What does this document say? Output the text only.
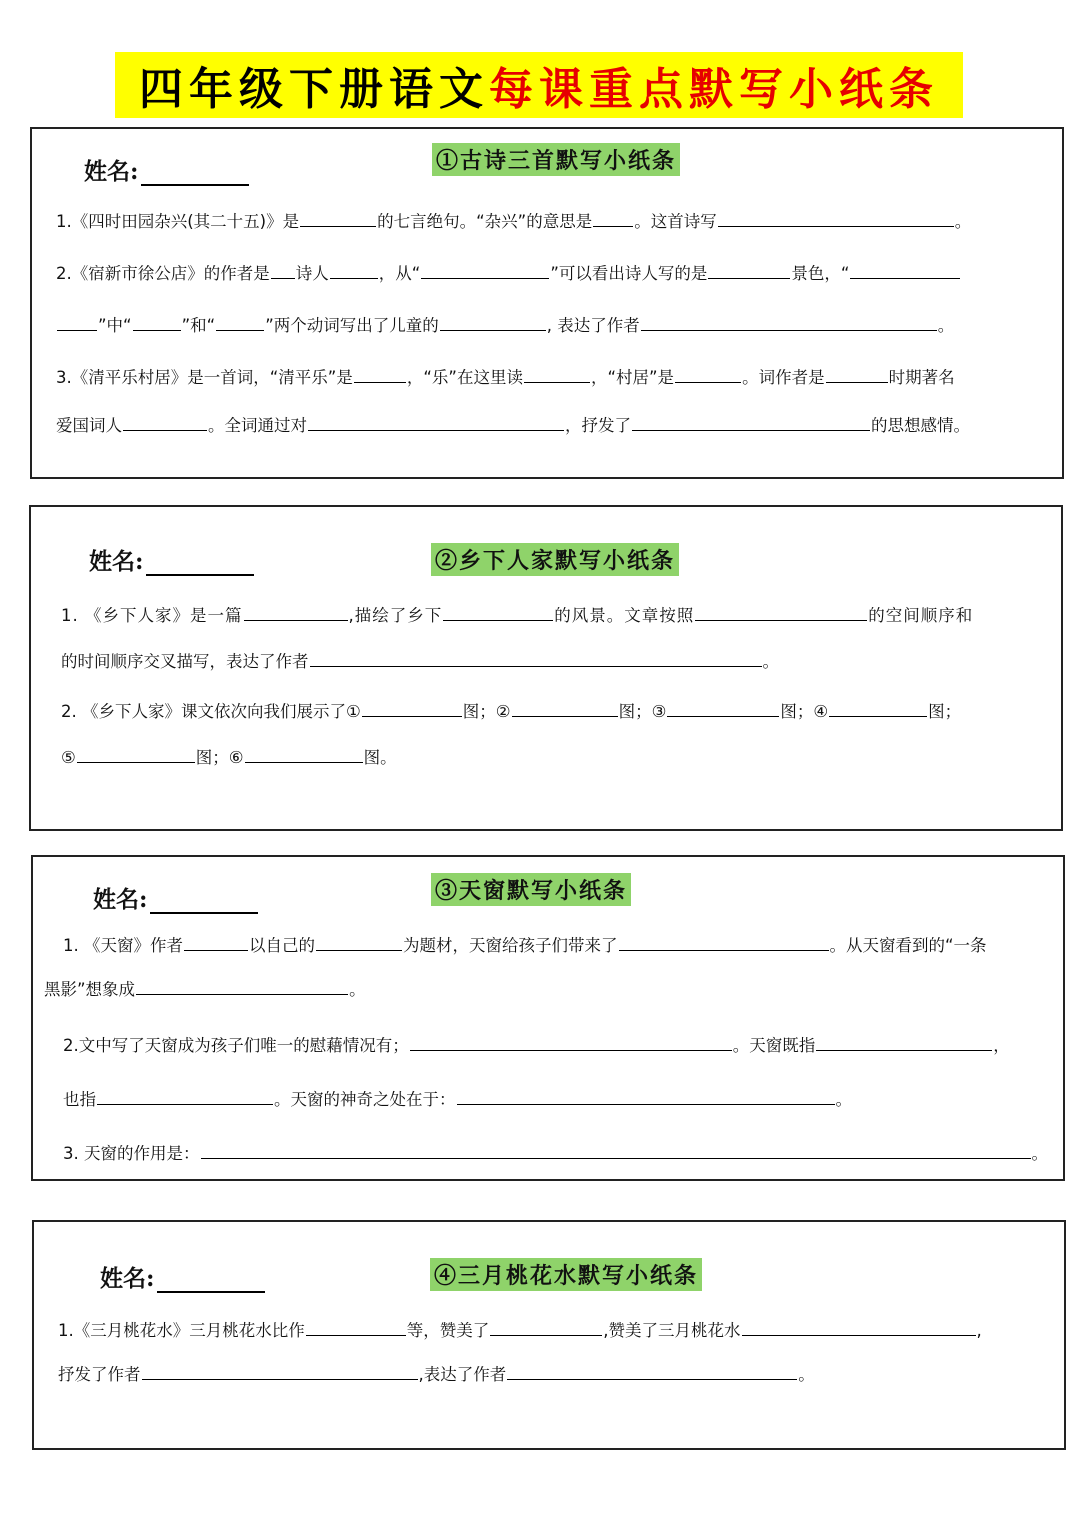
四年级下册语文 每课重点默写小纸条
姓名:	①古诗三首默写小纸条
1.《四时田园杂兴(其二十五)》是	的七言绝句。“杂兴”的意思是	。这首诗写	。
2.《宿新市徐公店》的作者是 诗人	，从“	”可以看出诗人写的是	景色，“
”中“	”和“	”两个动词写出了儿童的	, 表达了作者	。
3.《清平乐村居》是一首词，“清平乐”是	，“乐”在这里读	，“村居”是	。词作者是	时期著名
爱国词人	。全词通过对	，抒发了	的思想感情。
姓名:	②乡下人家默写小纸条
1. 《乡下人家》是一篇	,描绘了乡下	的风景。文章按照	的空间顺序和
的时间顺序交叉描写，表达了作者	。
2. 《乡下人家》课文依次向我们展示了①	图；②	图；③	图；④	图；
⑤	图；⑥	图。
姓名:	③天窗默写小纸条
1. 《天窗》作者	以自己的	为题材，天窗给孩子们带来了	。从天窗看到的“一条
黑影”想象成	。
2.文中写了天窗成为孩子们唯一的慰藉情况有；	。天窗既指	，
也指	。天窗的神奇之处在于：	。
3. 天窗的作用是：	。
姓名:	④三月桃花水默写小纸条
1.《三月桃花水》三月桃花水比作	等，赞美了	,赞美了三月桃花水	,
抒发了作者	,表达了作者	。
